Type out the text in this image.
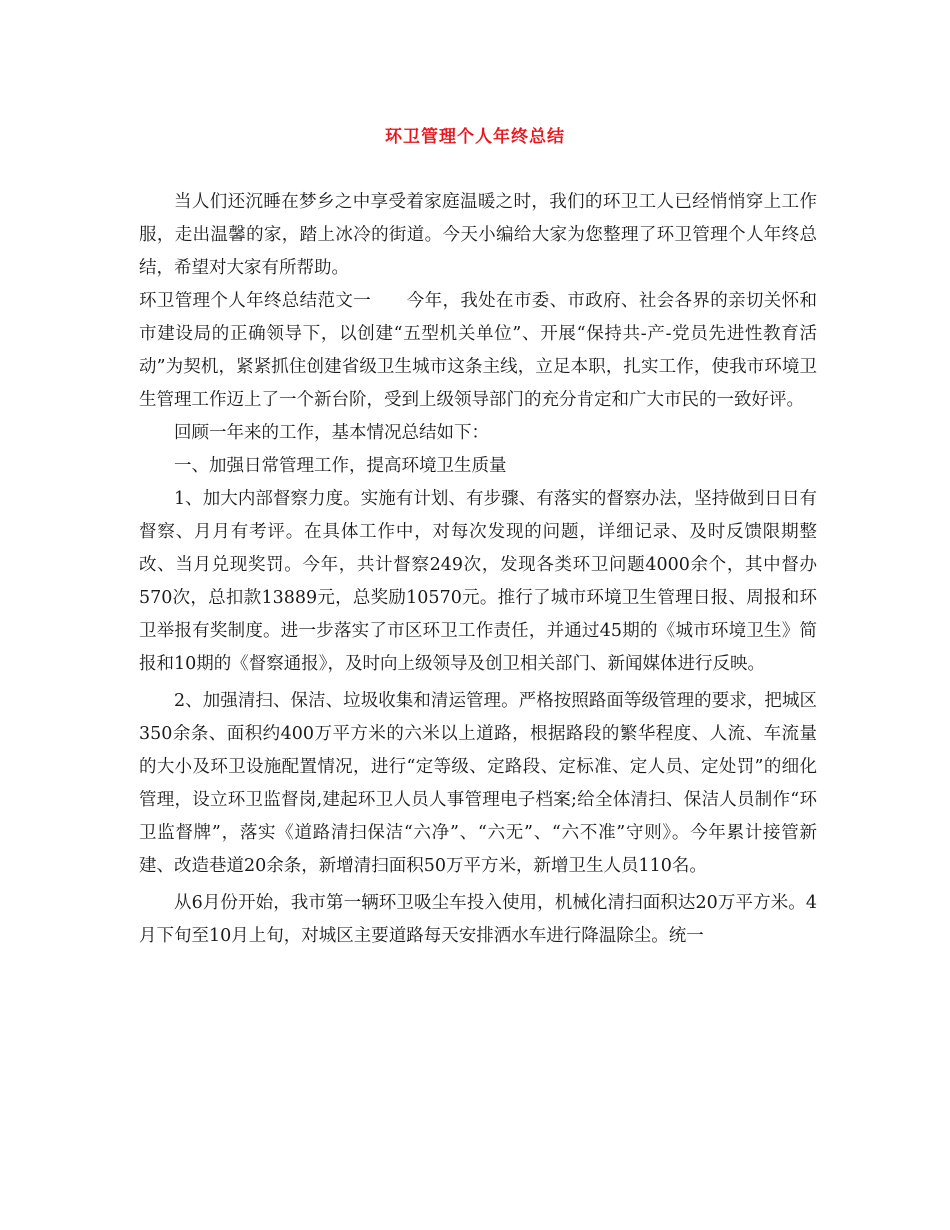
环卫管理个人年终总结

当人们还沉睡在梦乡之中享受着家庭温暖之时，我们的环卫工人已经悄悄穿上工作服，走出温馨的家，踏上冰冷的街道。今天小编给大家为您整理了环卫管理个人年终总结，希望对大家有所帮助。

环卫管理个人年终总结范文一　　今年，我处在市委、市政府、社会各界的亲切关怀和市建设局的正确领导下，以创建“五型机关单位”、开展“保持共-产-党员先进性教育活动”为契机，紧紧抓住创建省级卫生城市这条主线，立足本职，扎实工作，使我市环境卫生管理工作迈上了一个新台阶，受到上级领导部门的充分肯定和广大市民的一致好评。

回顾一年来的工作，基本情况总结如下：

一、加强日常管理工作，提高环境卫生质量

1、加大内部督察力度。实施有计划、有步骤、有落实的督察办法，坚持做到日日有督察、月月有考评。在具体工作中，对每次发现的问题，详细记录、及时反馈限期整改、当月兑现奖罚。今年，共计督察249次，发现各类环卫问题4000余个，其中督办570次，总扣款13889元，总奖励10570元。推行了城市环境卫生管理日报、周报和环卫举报有奖制度。进一步落实了市区环卫工作责任，并通过45期的《城市环境卫生》简报和10期的《督察通报》，及时向上级领导及创卫相关部门、新闻媒体进行反映。

2、加强清扫、保洁、垃圾收集和清运管理。严格按照路面等级管理的要求，把城区350余条、面积约400万平方米的六米以上道路，根据路段的繁华程度、人流、车流量的大小及环卫设施配置情况，进行“定等级、定路段、定标准、定人员、定处罚”的细化管理，设立环卫监督岗,建起环卫人员人事管理电子档案;给全体清扫、保洁人员制作“环卫监督牌”，落实《道路清扫保洁“六净”、“六无”、“六不准”守则》。今年累计接管新建、改造巷道20余条，新增清扫面积50万平方米，新增卫生人员110名。

从6月份开始，我市第一辆环卫吸尘车投入使用，机械化清扫面积达20万平方米。4月下旬至10月上旬，对城区主要道路每天安排洒水车进行降温除尘。统一
